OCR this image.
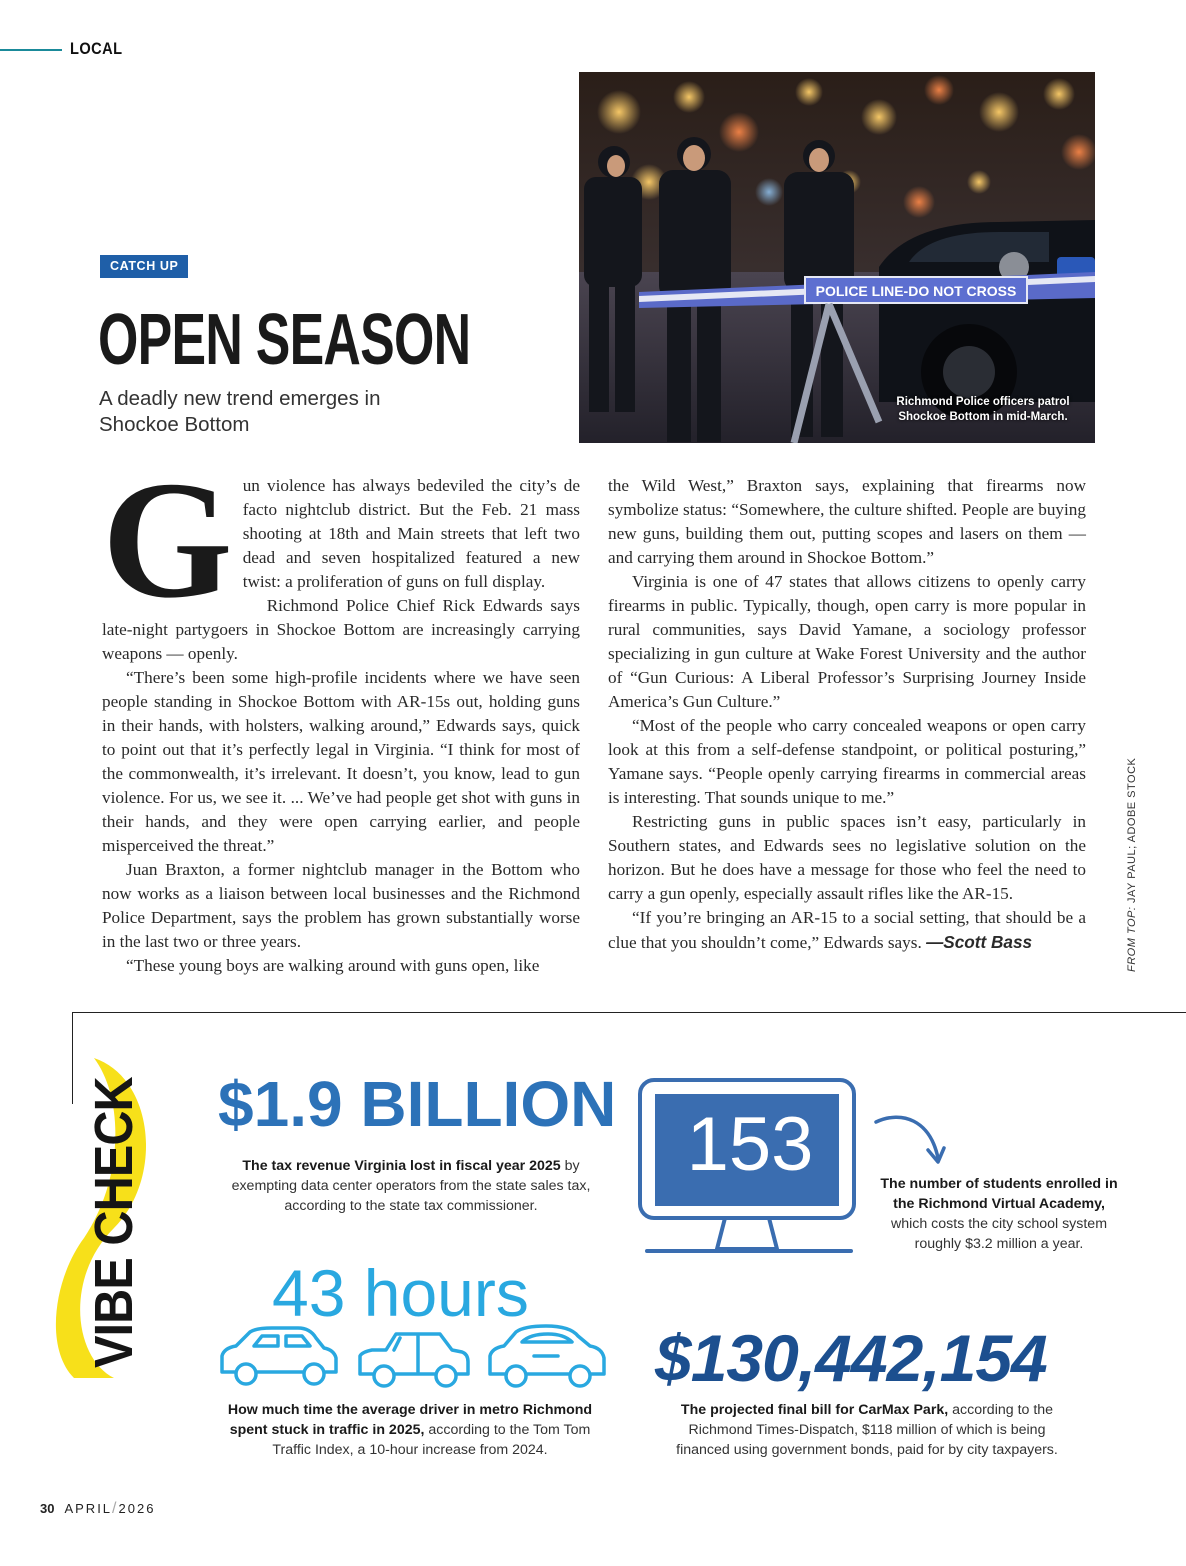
LOCAL
POLICE LINE-DO NOT CROSS
Richmond Police officers patrol Shockoe Bottom in mid-March.
CATCH UP
OPEN SEASON
A deadly new trend emerges in Shockoe Bottom

Gun violence has always bedeviled the city’s de facto nightclub district. But the Feb. 21 mass shooting at 18th and Main streets that left two dead and seven hospitalized featured a new twist: a proliferation of guns on full display.

Richmond Police Chief Rick Edwards says late-night partygoers in Shockoe Bottom are increasingly carrying weapons — openly.

“There’s been some high-profile incidents where we have seen people standing in Shockoe Bottom with AR-15s out, holding guns in their hands, with holsters, walking around,” Edwards says, quick to point out that it’s perfectly legal in Virginia. “I think for most of the commonwealth, it’s irrelevant. It doesn’t, you know, lead to gun violence. For us, we see it. ... We’ve had people get shot with guns in their hands, and they were open carrying earlier, and people misperceived the threat.”

Juan Braxton, a former nightclub manager in the Bottom who now works as a liaison between local businesses and the Richmond Police Department, says the problem has grown substantially worse in the last two or three years.

“These young boys are walking around with guns open, like

the Wild West,” Braxton says, explaining that firearms now symbolize status: “Somewhere, the culture shifted. People are buying new guns, building them out, putting scopes and lasers on them — and carrying them around in Shockoe Bottom.”

Virginia is one of 47 states that allows citizens to openly carry firearms in public. Typically, though, open carry is more popular in rural communities, says David Yamane, a sociology professor specializing in gun culture at Wake Forest University and the author of “Gun Curious: A Liberal Professor’s Surprising Journey Inside America’s Gun Culture.”

“Most of the people who carry concealed weapons or open carry look at this from a self-defense standpoint, or political posturing,” Yamane says. “People openly carrying firearms in commercial areas is interesting. That sounds unique to me.”

Restricting guns in public spaces isn’t easy, particularly in Southern states, and Edwards sees no legislative solution on the horizon. But he does have a message for those who feel the need to carry a gun openly, especially assault rifles like the AR-15.

“If you’re bringing an AR-15 to a social setting, that should be a clue that you shouldn’t come,” Edwards says. —Scott Bass	FROM TOP: JAY PAUL; ADOBE STOCK
VIBE CHECK $1.9 BILLION
The tax revenue Virginia lost in fiscal year 2025 by exempting data center operators from the state sales tax, according to the state tax commissioner.
153	The number of students enrolled in the Richmond Virtual Academy, which costs the city school system roughly $3.2 million a year.
43 hours
How much time the average driver in metro Richmond spent stuck in traffic in 2025, according to the Tom Tom Traffic Index, a 10-hour increase from 2024.
$130,442,154
The projected final bill for CarMax Park, according to the Richmond Times-Dispatch, $118 million of which is being financed using government bonds, paid for by city taxpayers.
30 APRIL/2026
